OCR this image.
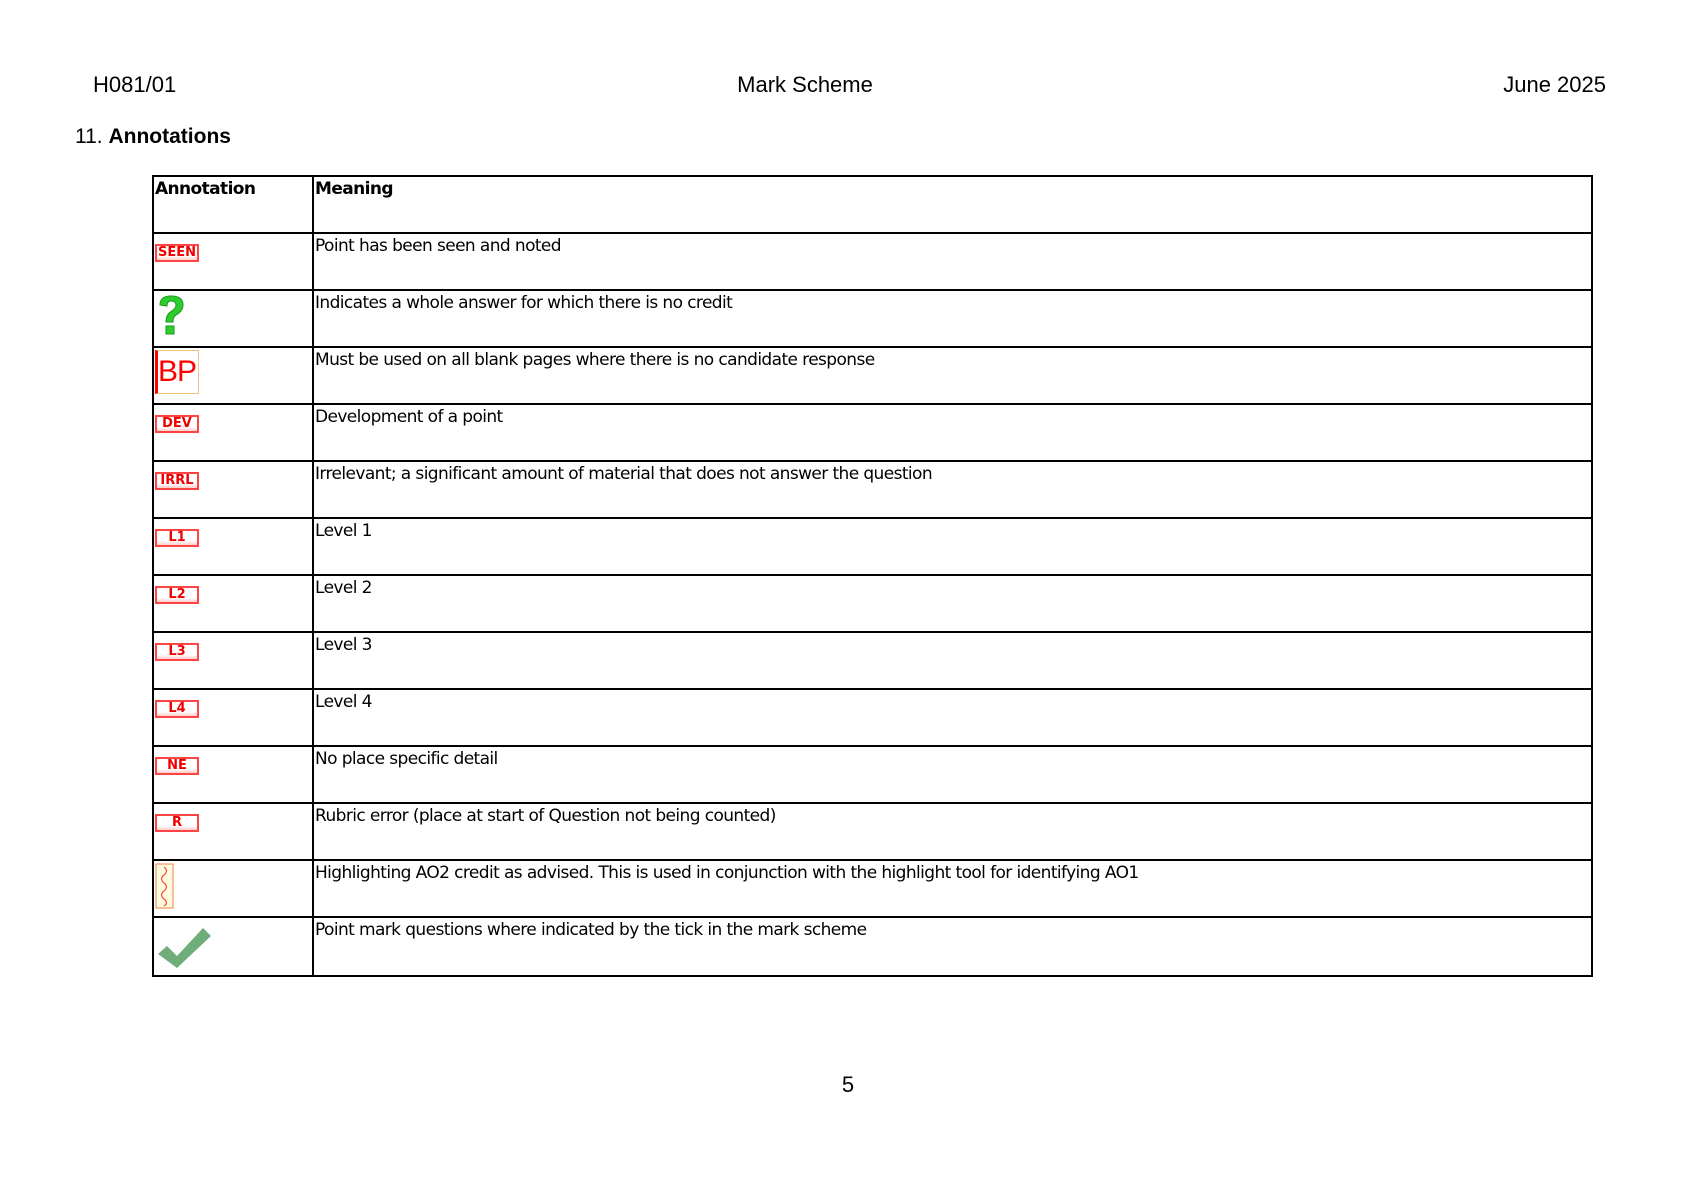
H081/01	Mark Scheme	June 2025
11. Annotations
Annotation	Meaning
SEEN	Point has been seen and noted
	Indicates a whole answer for which there is no credit
BP	Must be used on all blank pages where there is no candidate response
DEV	Development of a point
IRRL	Irrelevant; a significant amount of material that does not answer the question
L1	Level 1
L2	Level 2
L3	Level 3
L4	Level 4
NE	No place specific detail
R	Rubric error (place at start of Question not being counted)
	Highlighting AO2 credit as advised. This is used in conjunction with the highlight tool for identifying AO1
	Point mark questions where indicated by the tick in the mark scheme
5
